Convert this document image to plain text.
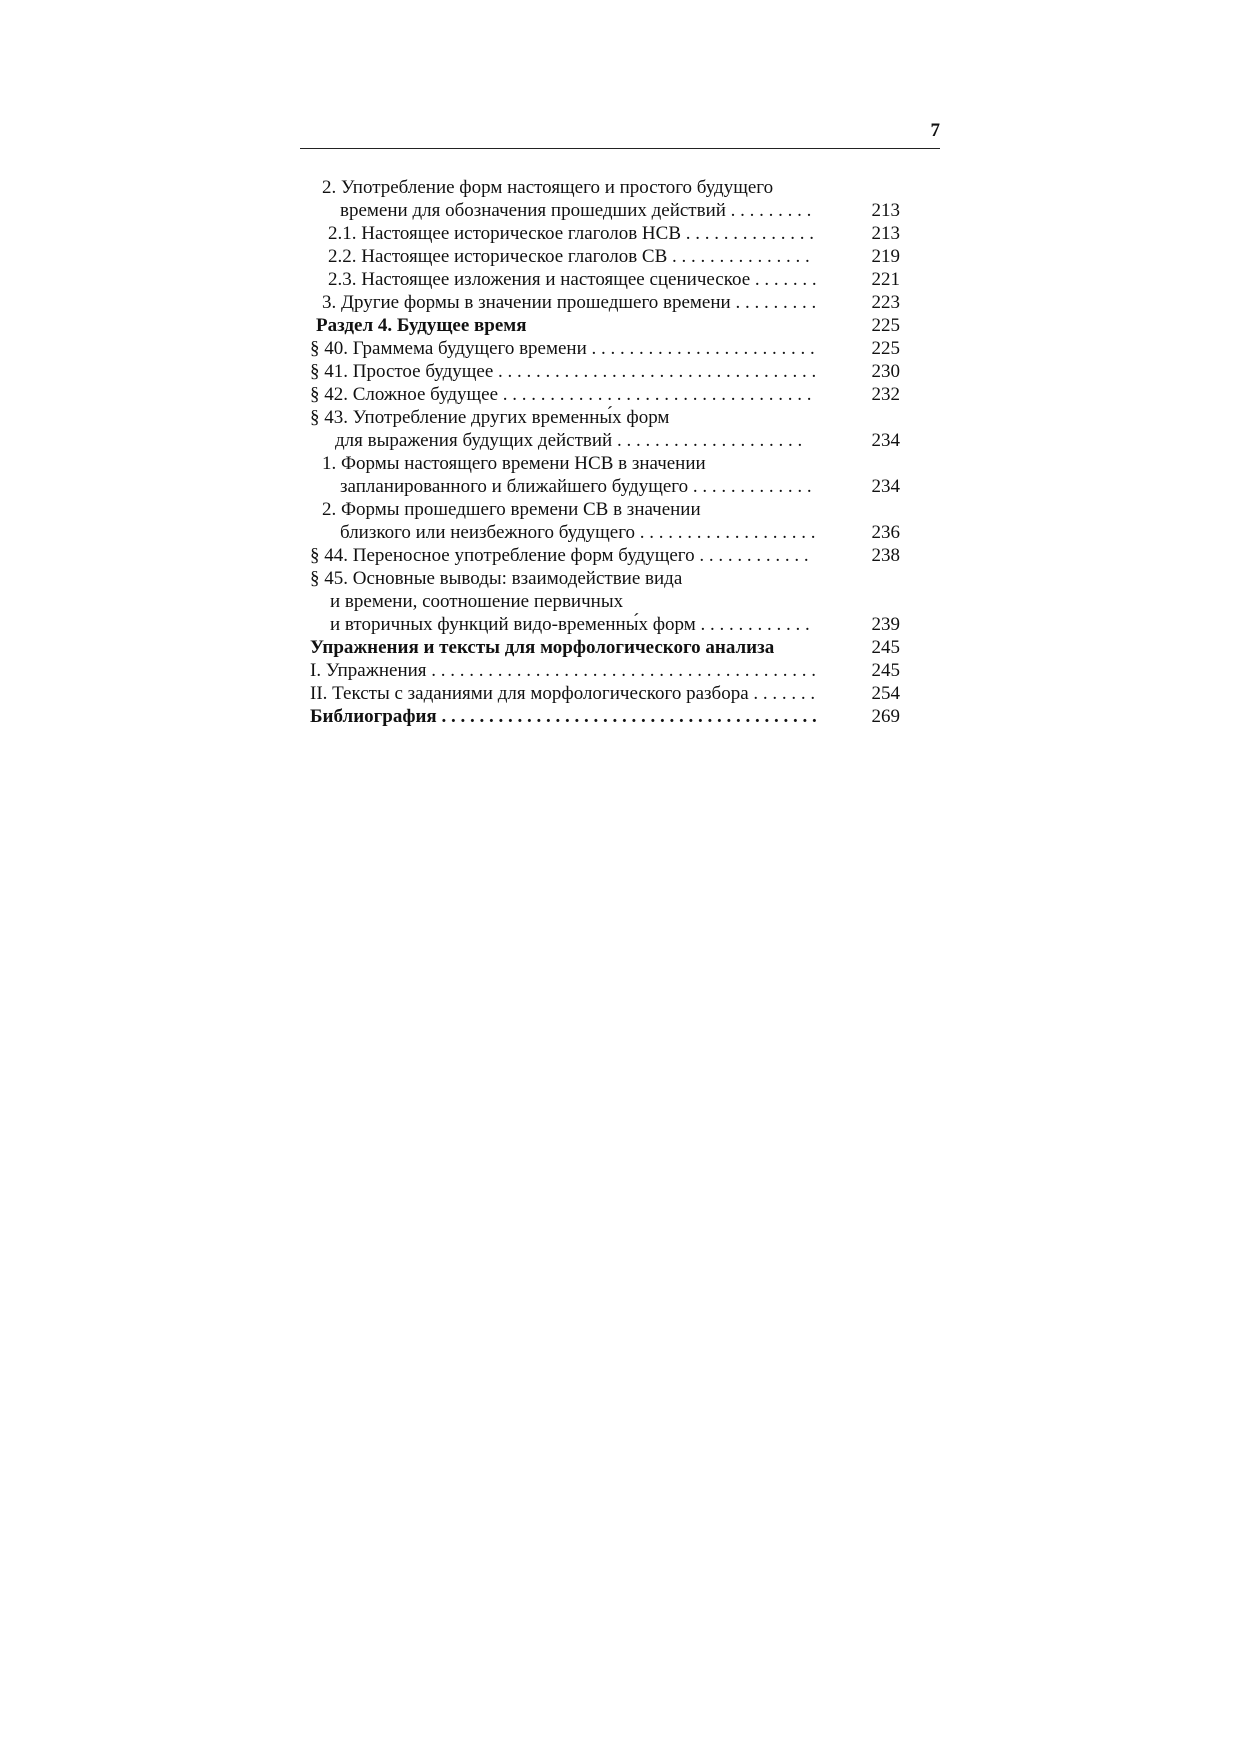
7
2. Употребление форм настоящего и простого будущего
времени для обозначения прошедших действий . . . . . . . . .	213
2.1. Настоящее историческое глаголов НСВ . . . . . . . . . . . . . .	213
2.2. Настоящее историческое глаголов СВ . . . . . . . . . . . . . . .	219
2.3. Настоящее изложения и настоящее сценическое . . . . . . .	221
3. Другие формы в значении прошедшего времени . . . . . . . . .	223
Раздел 4. Будущее время	225
§ 40. Граммема будущего времени . . . . . . . . . . . . . . . . . . . . . . . .	225
§ 41. Простое будущее . . . . . . . . . . . . . . . . . . . . . . . . . . . . . . . . . .	230
§ 42. Сложное будущее . . . . . . . . . . . . . . . . . . . . . . . . . . . . . . . . .	232
§ 43. Употребление других временны́х форм
для выражения будущих действий . . . . . . . . . . . . . . . . . . . .	234
1. Формы настоящего времени НСВ в значении
запланированного и ближайшего будущего . . . . . . . . . . . . .	234
2. Формы прошедшего времени СВ в значении
близкого или неизбежного будущего . . . . . . . . . . . . . . . . . . .	236
§ 44. Переносное употребление форм будущего . . . . . . . . . . . .	238
§ 45. Основные выводы: взаимодействие вида
и времени, соотношение первичных
и вторичных функций видо-временны́х форм . . . . . . . . . . . .	239
Упражнения и тексты для морфологического анализа	245
I. Упражнения . . . . . . . . . . . . . . . . . . . . . . . . . . . . . . . . . . . . . . . . .	245
II. Тексты с заданиями для морфологического разбора . . . . . . .	254
Библиография . . . . . . . . . . . . . . . . . . . . . . . . . . . . . . . . . . . . . . . .	269
